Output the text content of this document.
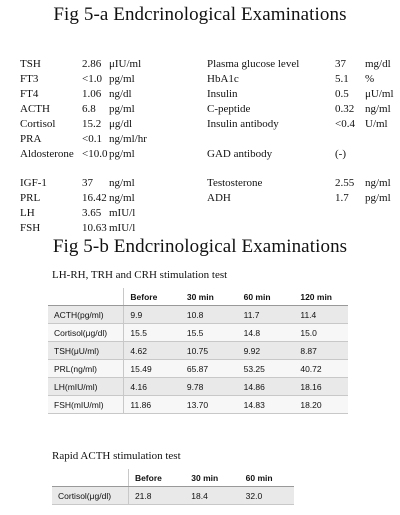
Fig 5-a Endcrinological Examinations
TSH	2.86 μIU/ml
FT3	<1.0 pg/ml
FT4	1.06 ng/dl
ACTH	6.8 pg/ml
Cortisol 15.2 μg/dl
PRA	<0.1 ng/ml/hr
Aldosterone <10.0 pg/ml
IGF-1	37 ng/ml
PRL	16.42 ng/ml
LH	3.65 mIU/l
FSH	10.63 mIU/l
Plasma glucose level	37 mg/dl
HbA1c	5.1 %
Insulin	0.5 μU/ml
C-peptide	0.32 ng/ml
Insulin antibody	<0.4 U/ml
GAD antibody	(-)
Testosterone	2.55 ng/ml
ADH	1.7 pg/ml
Fig 5-b Endcrinological Examinations
LH-RH, TRH and CRH stimulation test
	Before	30 min	60 min	120 min
ACTH(pg/ml)	9.9	10.8	11.7	11.4
Cortisol(μg/dl)	15.5	15.5	14.8	15.0
TSH(μU/ml)	4.62	10.75	9.92	8.87
PRL(ng/ml)	15.49	65.87	53.25	40.72
LH(mIU/ml)	4.16	9.78	14.86	18.16
FSH(mIU/ml)	11.86	13.70	14.83	18.20
Rapid ACTH stimulation test
	Before	30 min	60 min
Cortisol(μg/dl)	21.8	18.4	32.0
